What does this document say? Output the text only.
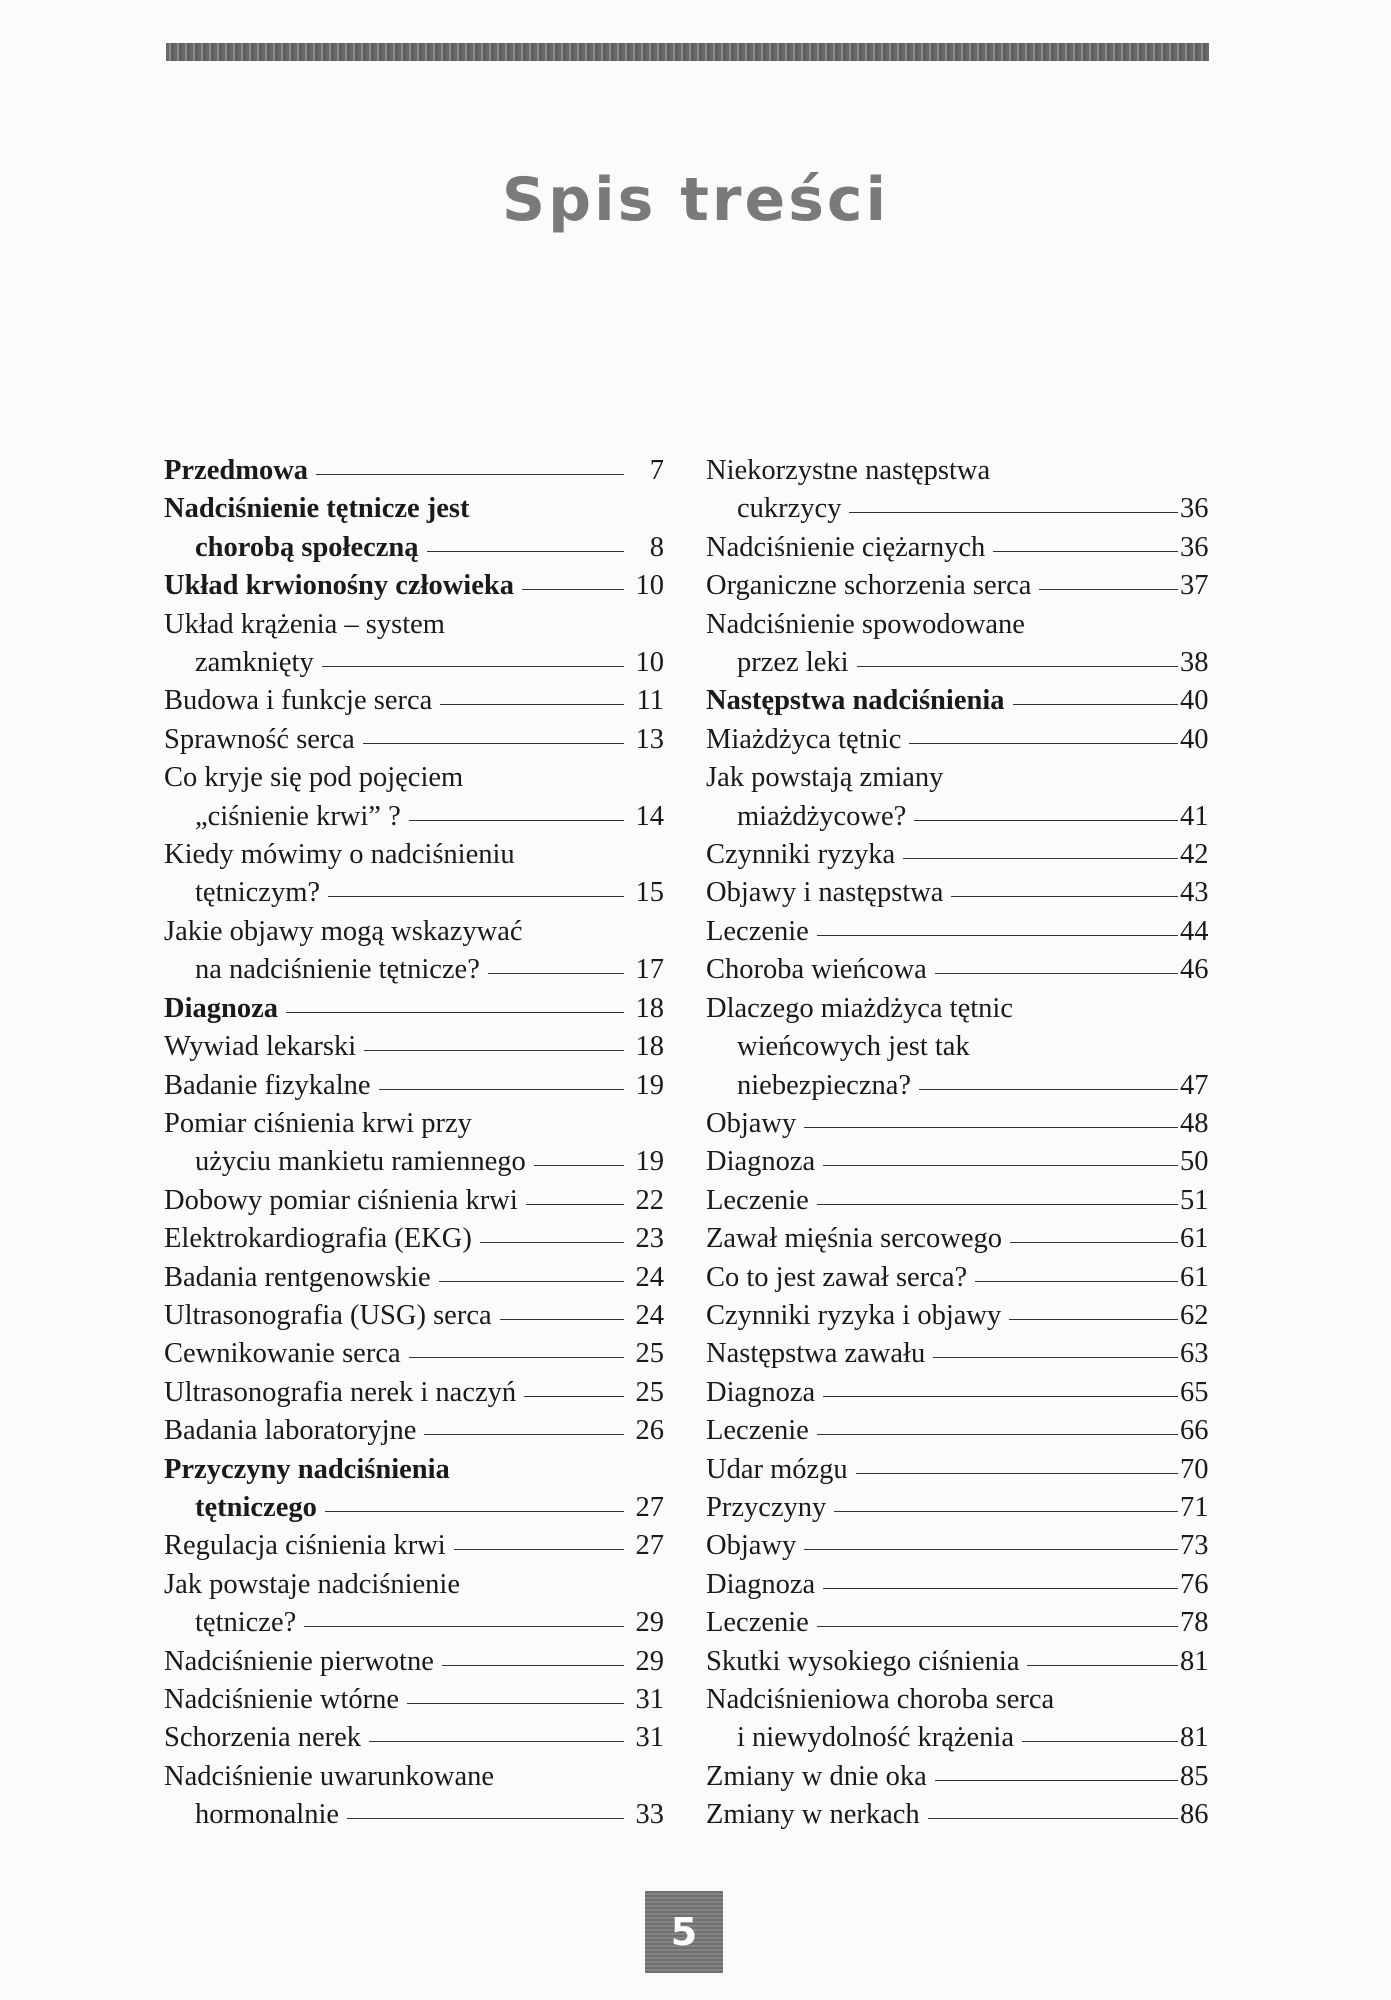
Spis treści
Przedmowa	7
Nadciśnienie tętnicze jest
chorobą społeczną	8
Układ krwionośny człowieka	10
Układ krążenia – system
zamknięty	10
Budowa i funkcje serca	11
Sprawność serca	13
Co kryje się pod pojęciem
„ciśnienie krwi” ?	14
Kiedy mówimy o nadciśnieniu
tętniczym?	15
Jakie objawy mogą wskazywać
na nadciśnienie tętnicze?	17
Diagnoza	18
Wywiad lekarski	18
Badanie fizykalne	19
Pomiar ciśnienia krwi przy
użyciu mankietu ramiennego	19
Dobowy pomiar ciśnienia krwi	22
Elektrokardiografia (EKG)	23
Badania rentgenowskie	24
Ultrasonografia (USG) serca	24
Cewnikowanie serca	25
Ultrasonografia nerek i naczyń	25
Badania laboratoryjne	26
Przyczyny nadciśnienia
tętniczego	27
Regulacja ciśnienia krwi	27
Jak powstaje nadciśnienie
tętnicze?	29
Nadciśnienie pierwotne	29
Nadciśnienie wtórne	31
Schorzenia nerek	31
Nadciśnienie uwarunkowane
hormonalnie	33
Niekorzystne następstwa
cukrzycy	36
Nadciśnienie ciężarnych	36
Organiczne schorzenia serca	37
Nadciśnienie spowodowane
przez leki	38
Następstwa nadciśnienia	40
Miażdżyca tętnic	40
Jak powstają zmiany
miażdżycowe?	41
Czynniki ryzyka	42
Objawy i następstwa	43
Leczenie	44
Choroba wieńcowa	46
Dlaczego miażdżyca tętnic
wieńcowych jest tak
niebezpieczna?	47
Objawy	48
Diagnoza	50
Leczenie	51
Zawał mięśnia sercowego	61
Co to jest zawał serca?	61
Czynniki ryzyka i objawy	62
Następstwa zawału	63
Diagnoza	65
Leczenie	66
Udar mózgu	70
Przyczyny	71
Objawy	73
Diagnoza	76
Leczenie	78
Skutki wysokiego ciśnienia	81
Nadciśnieniowa choroba serca
i niewydolność krążenia	81
Zmiany w dnie oka	85
Zmiany w nerkach	86
5
